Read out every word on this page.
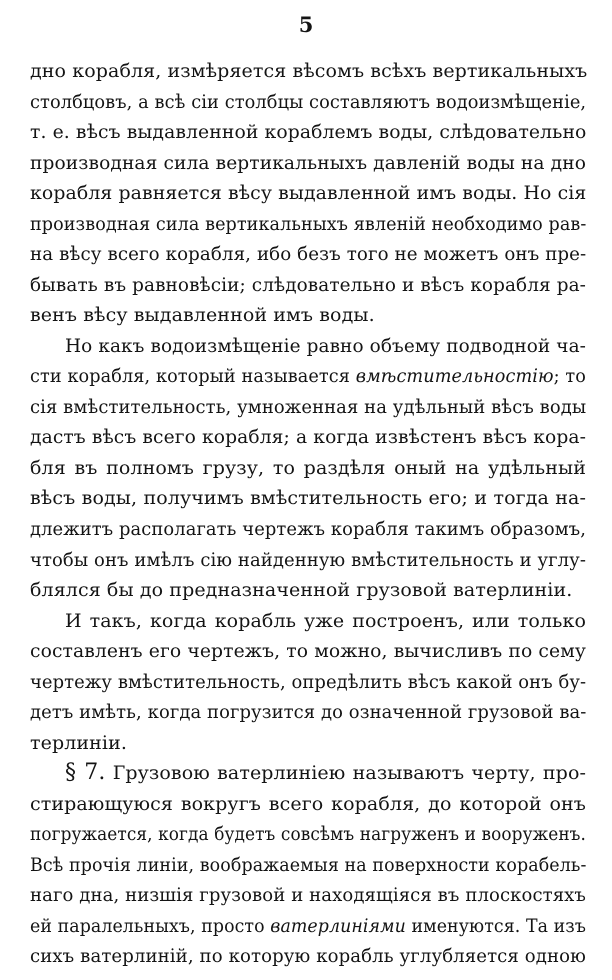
5
дно корабля, измѣряется вѣсомъ всѣхъ вертикальныхъ
столбцовъ, а всѣ сіи столбцы составляютъ водоизмѣщеніе,
т. е. вѣсъ выдавленной кораблемъ воды, слѣдовательно
производная сила вертикальныхъ давленій воды на дно
корабля равняется вѣсу выдавленной имъ воды. Но сія
производная сила вертикальныхъ явленій необходимо рав-
на вѣсу всего корабля, ибо безъ того не можетъ онъ пре-
бывать въ равновѣсіи; слѣдовательно и вѣсъ корабля ра-
венъ вѣсу выдавленной имъ воды.
Но какъ водоизмѣщеніе равно объему подводной ча-
сти корабля, который называется вмѣстительностію; то
сія вмѣстительность, умноженная на удѣльный вѣсъ воды
дастъ вѣсъ всего корабля; а когда извѣстенъ вѣсъ кора-
бля въ полномъ грузу, то раздѣля оный на удѣльный
вѣсъ воды, получимъ вмѣстительность его; и тогда на-
длежитъ располагать чертежъ корабля такимъ образомъ,
чтобы онъ имѣлъ сію найденную вмѣстительность и углу-
блялся бы до предназначенной грузовой ватерлиніи.
И такъ, когда корабль уже построенъ, или только
составленъ его чертежъ, то можно, вычисливъ по сему
чертежу вмѣстительность, опредѣлить вѣсъ какой онъ бу-
детъ имѣть, когда погрузится до означенной грузовой ва-
терлиніи.
§ 7. Грузовою ватерлиніею называютъ черту, про-
стирающуюся вокругъ всего корабля, до которой онъ
погружается, когда будетъ совсѣмъ нагруженъ и вооруженъ.
Всѣ прочія линіи, воображаемыя на поверхности корабель-
наго дна, низшія грузовой и находящіяся въ плоскостяхъ
ей паралельныхъ, просто ватерлиніями именуются. Та изъ
сихъ ватерлиній, по которую корабль углубляется одною
